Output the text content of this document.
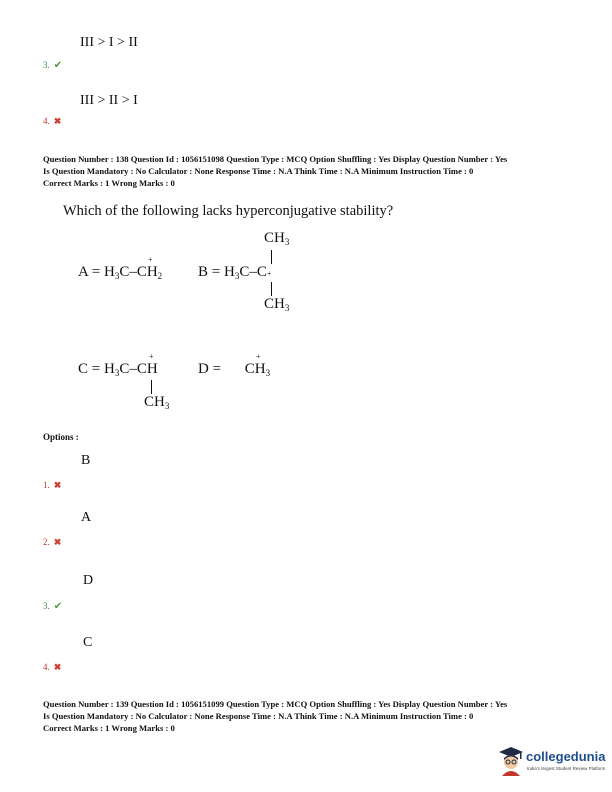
III > I > II
3. ✔
III > II > I
4. ✖
Question Number : 138 Question Id : 1056151098 Question Type : MCQ Option Shuffling : Yes Display Question Number : Yes
Is Question Mandatory : No Calculator : None Response Time : N.A Think Time : N.A Minimum Instruction Time : 0
Correct Marks : 1 Wrong Marks : 0
Which of the following lacks hyperconjugative stability?
+
$A = H_3C-CH_2$
$CH_3$
$B = H_3C-C+$
$CH_3$
+
$C = H_3C-CH$
$CH_3$
+
$D = CH_3$
Options :
B
1. ✖
A
2. ✖
D
3. ✔
C
4. ✖
Question Number : 139 Question Id : 1056151099 Question Type : MCQ Option Shuffling : Yes Display Question Number : Yes
Is Question Mandatory : No Calculator : None Response Time : N.A Think Time : N.A Minimum Instruction Time : 0
Correct Marks : 1 Wrong Marks : 0
collegedunia
India's largest Student Review Platform
